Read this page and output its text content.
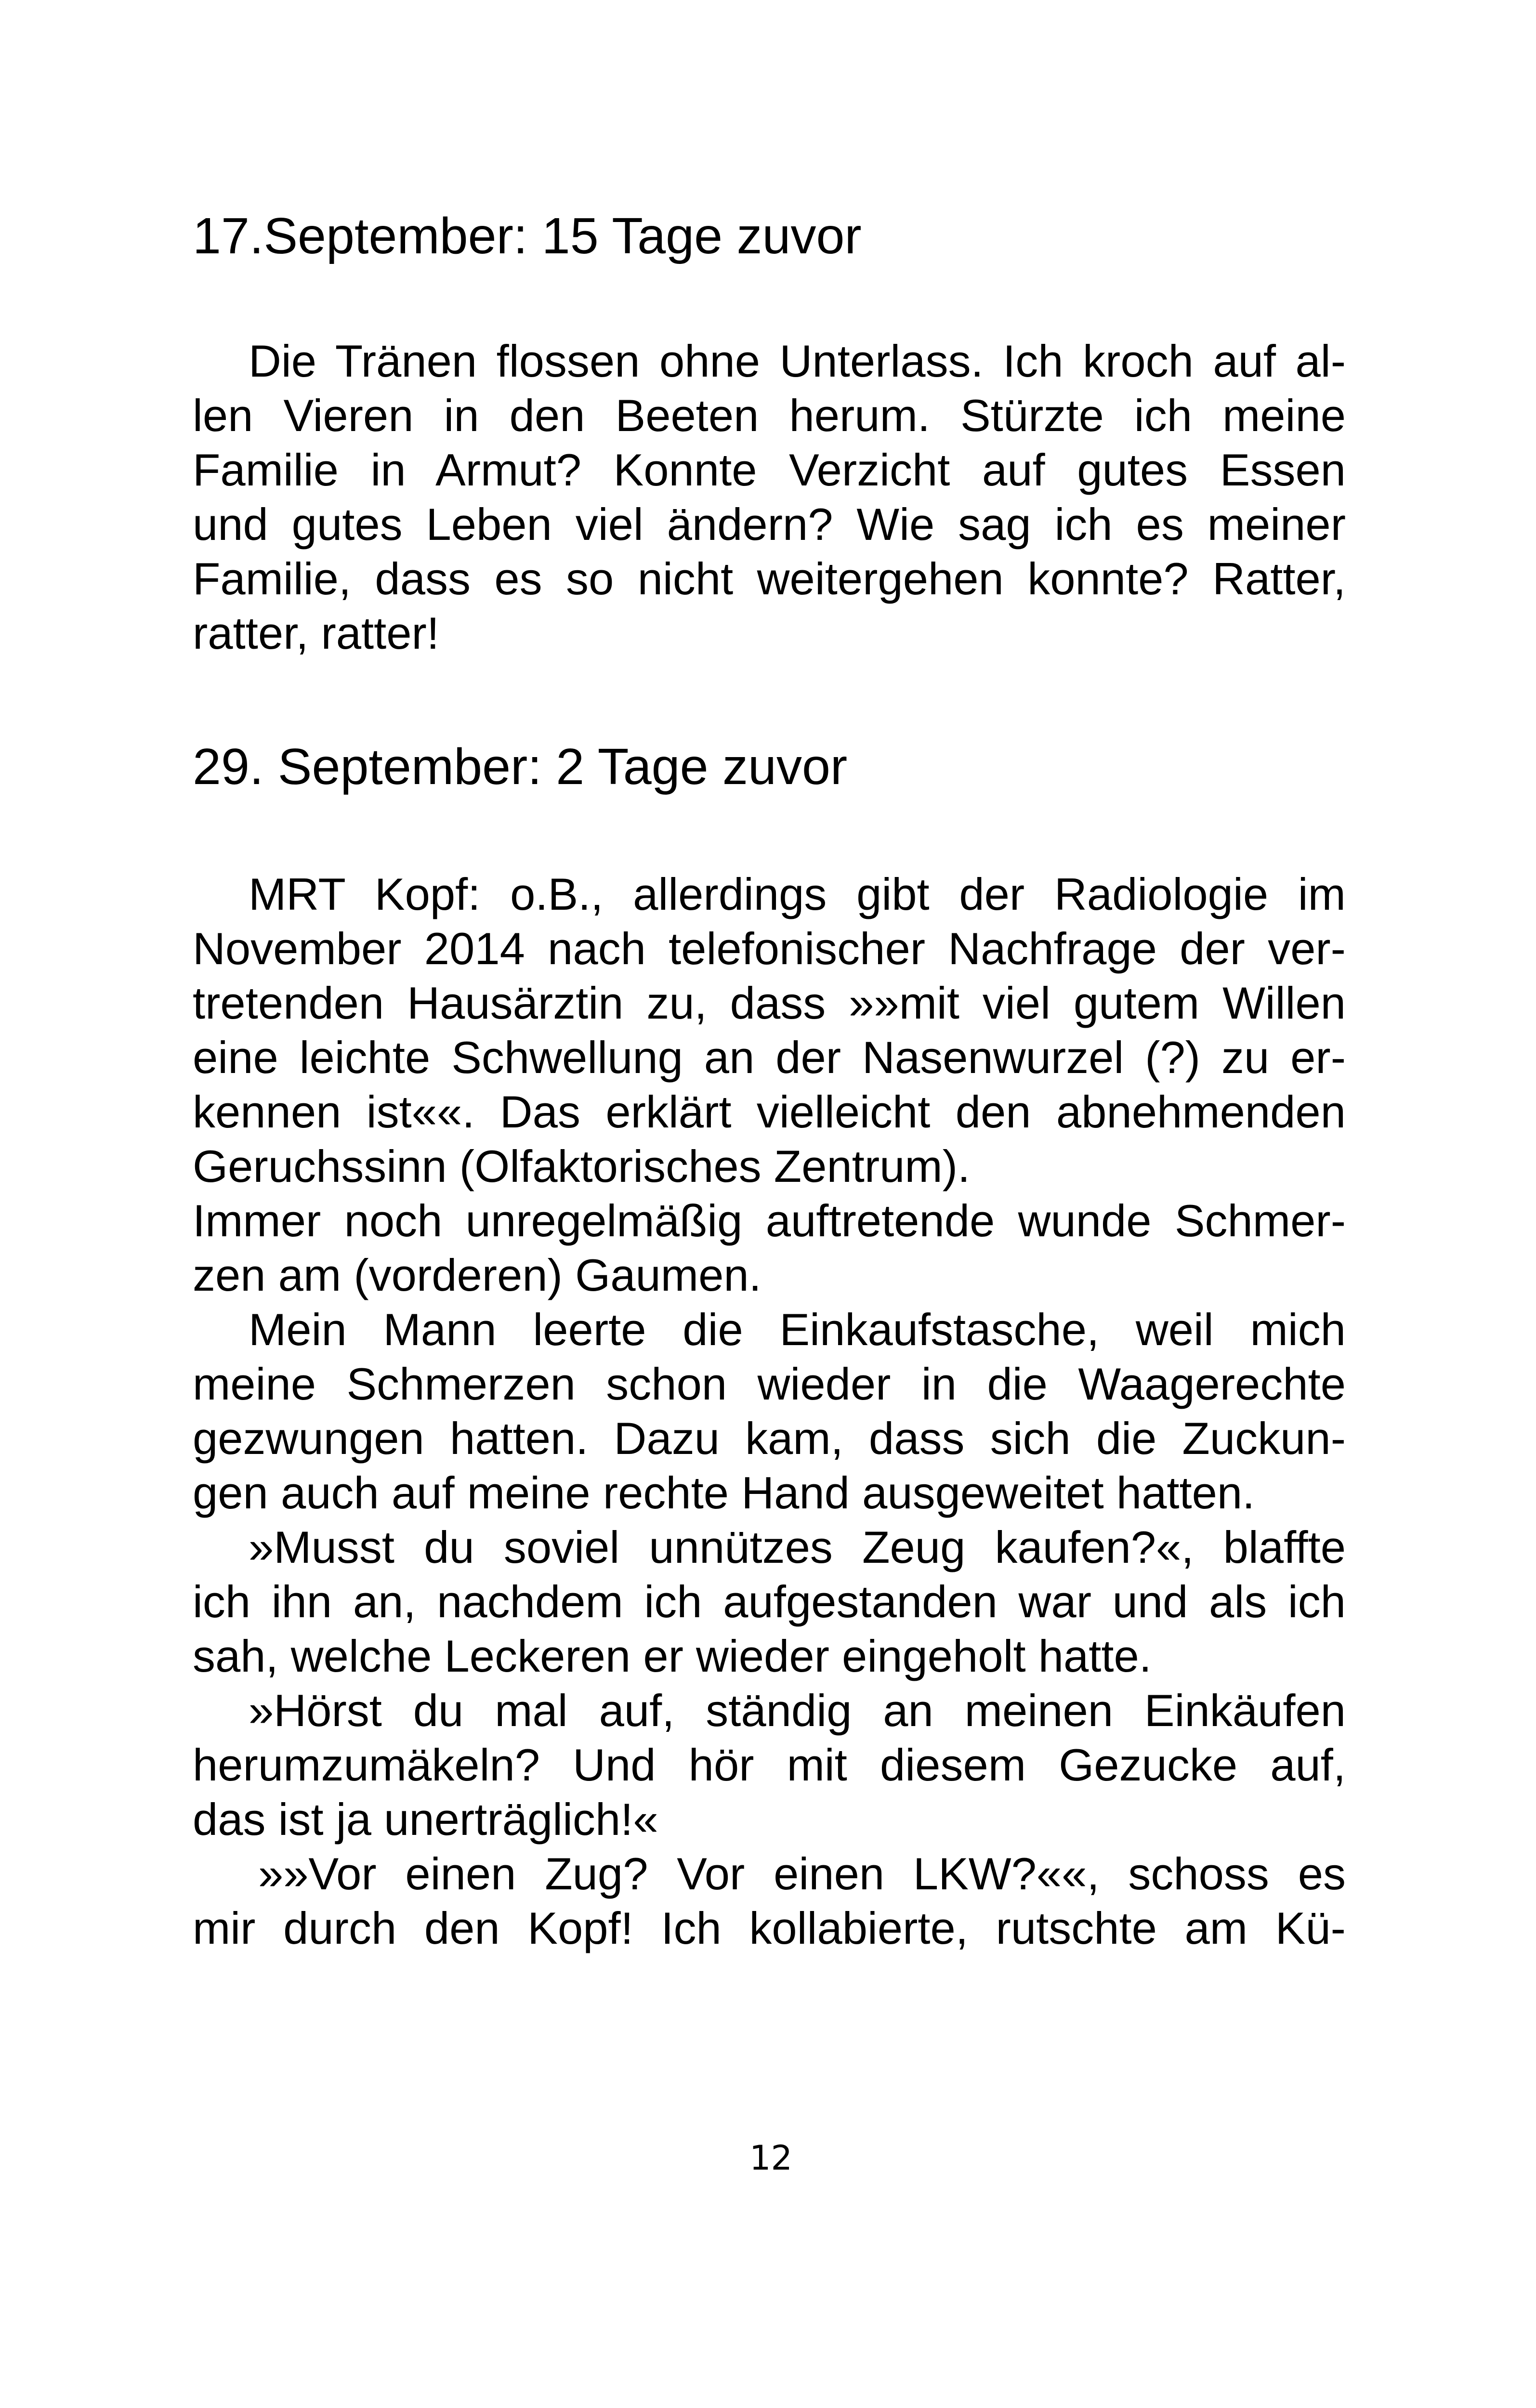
17.September: 15 Tage zuvor
Die Tränen flossen ohne Unterlass. Ich kroch auf al-
len Vieren in den Beeten herum. Stürzte ich meine
Familie in Armut? Konnte Verzicht auf gutes Essen
und gutes Leben viel ändern? Wie sag ich es meiner
Familie, dass es so nicht weitergehen konnte? Ratter,
ratter, ratter!
29. September: 2 Tage zuvor
MRT Kopf: o.B., allerdings gibt der Radiologie im
November 2014 nach telefonischer Nachfrage der ver-
tretenden Hausärztin zu, dass »»mit viel gutem Willen
eine leichte Schwellung an der Nasenwurzel (?) zu er-
kennen ist««. Das erklärt vielleicht den abnehmenden
Geruchssinn (Olfaktorisches Zentrum).
Immer noch unregelmäßig auftretende wunde Schmer-
zen am (vorderen) Gaumen.
Mein Mann leerte die Einkaufstasche, weil mich
meine Schmerzen schon wieder in die Waagerechte
gezwungen hatten. Dazu kam, dass sich die Zuckun-
gen auch auf meine rechte Hand ausgeweitet hatten.
»Musst du soviel unnützes Zeug kaufen?«, blaffte
ich ihn an, nachdem ich aufgestanden war und als ich
sah, welche Leckeren er wieder eingeholt hatte.
»Hörst du mal auf, ständig an meinen Einkäufen
herumzumäkeln? Und hör mit diesem Gezucke auf,
das ist ja unerträglich!«
»»Vor einen Zug? Vor einen LKW?««, schoss es
mir durch den Kopf! Ich kollabierte, rutschte am Kü-
12
